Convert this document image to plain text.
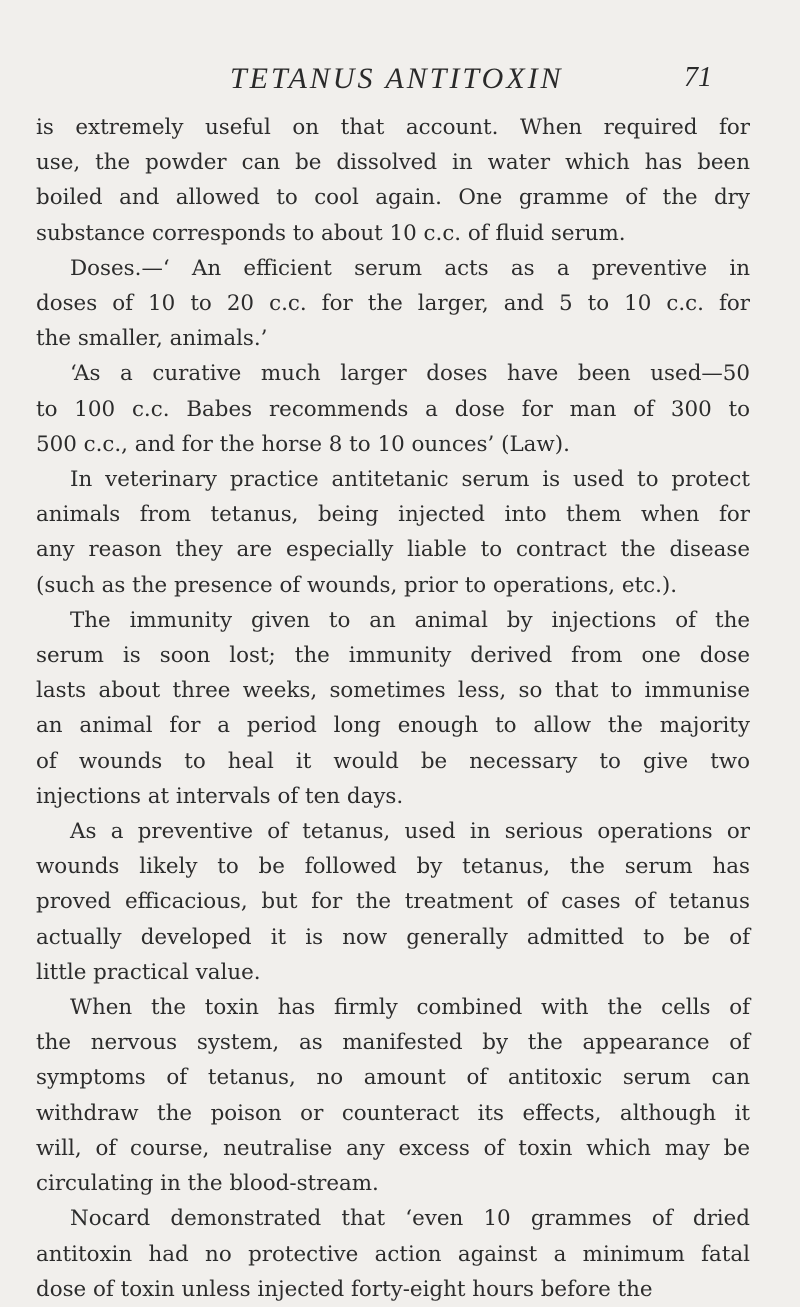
TETANUS ANTITOXIN	71

is extremely useful on that account. When required for
use, the powder can be dissolved in water which has been
boiled and allowed to cool again. One gramme of the dry
substance corresponds to about 10 c.c. of fluid serum.

Doses.—‘ An efficient serum acts as a preventive in
doses of 10 to 20 c.c. for the larger, and 5 to 10 c.c. for
the smaller, animals.’

‘As a curative much larger doses have been used—50
to 100 c.c. Babes recommends a dose for man of 300 to
500 c.c., and for the horse 8 to 10 ounces’ (Law).

In veterinary practice antitetanic serum is used to protect
animals from tetanus, being injected into them when for
any reason they are especially liable to contract the disease
(such as the presence of wounds, prior to operations, etc.).

The immunity given to an animal by injections of the
serum is soon lost; the immunity derived from one dose
lasts about three weeks, sometimes less, so that to immunise
an animal for a period long enough to allow the majority
of wounds to heal it would be necessary to give two
injections at intervals of ten days.

As a preventive of tetanus, used in serious operations or
wounds likely to be followed by tetanus, the serum has
proved efficacious, but for the treatment of cases of tetanus
actually developed it is now generally admitted to be of
little practical value.

When the toxin has firmly combined with the cells of
the nervous system, as manifested by the appearance of
symptoms of tetanus, no amount of antitoxic serum can
withdraw the poison or counteract its effects, although it
will, of course, neutralise any excess of toxin which may be
circulating in the blood-stream.

Nocard demonstrated that ‘even 10 grammes of dried
antitoxin had no protective action against a minimum fatal
dose of toxin unless injected forty-eight hours before the
